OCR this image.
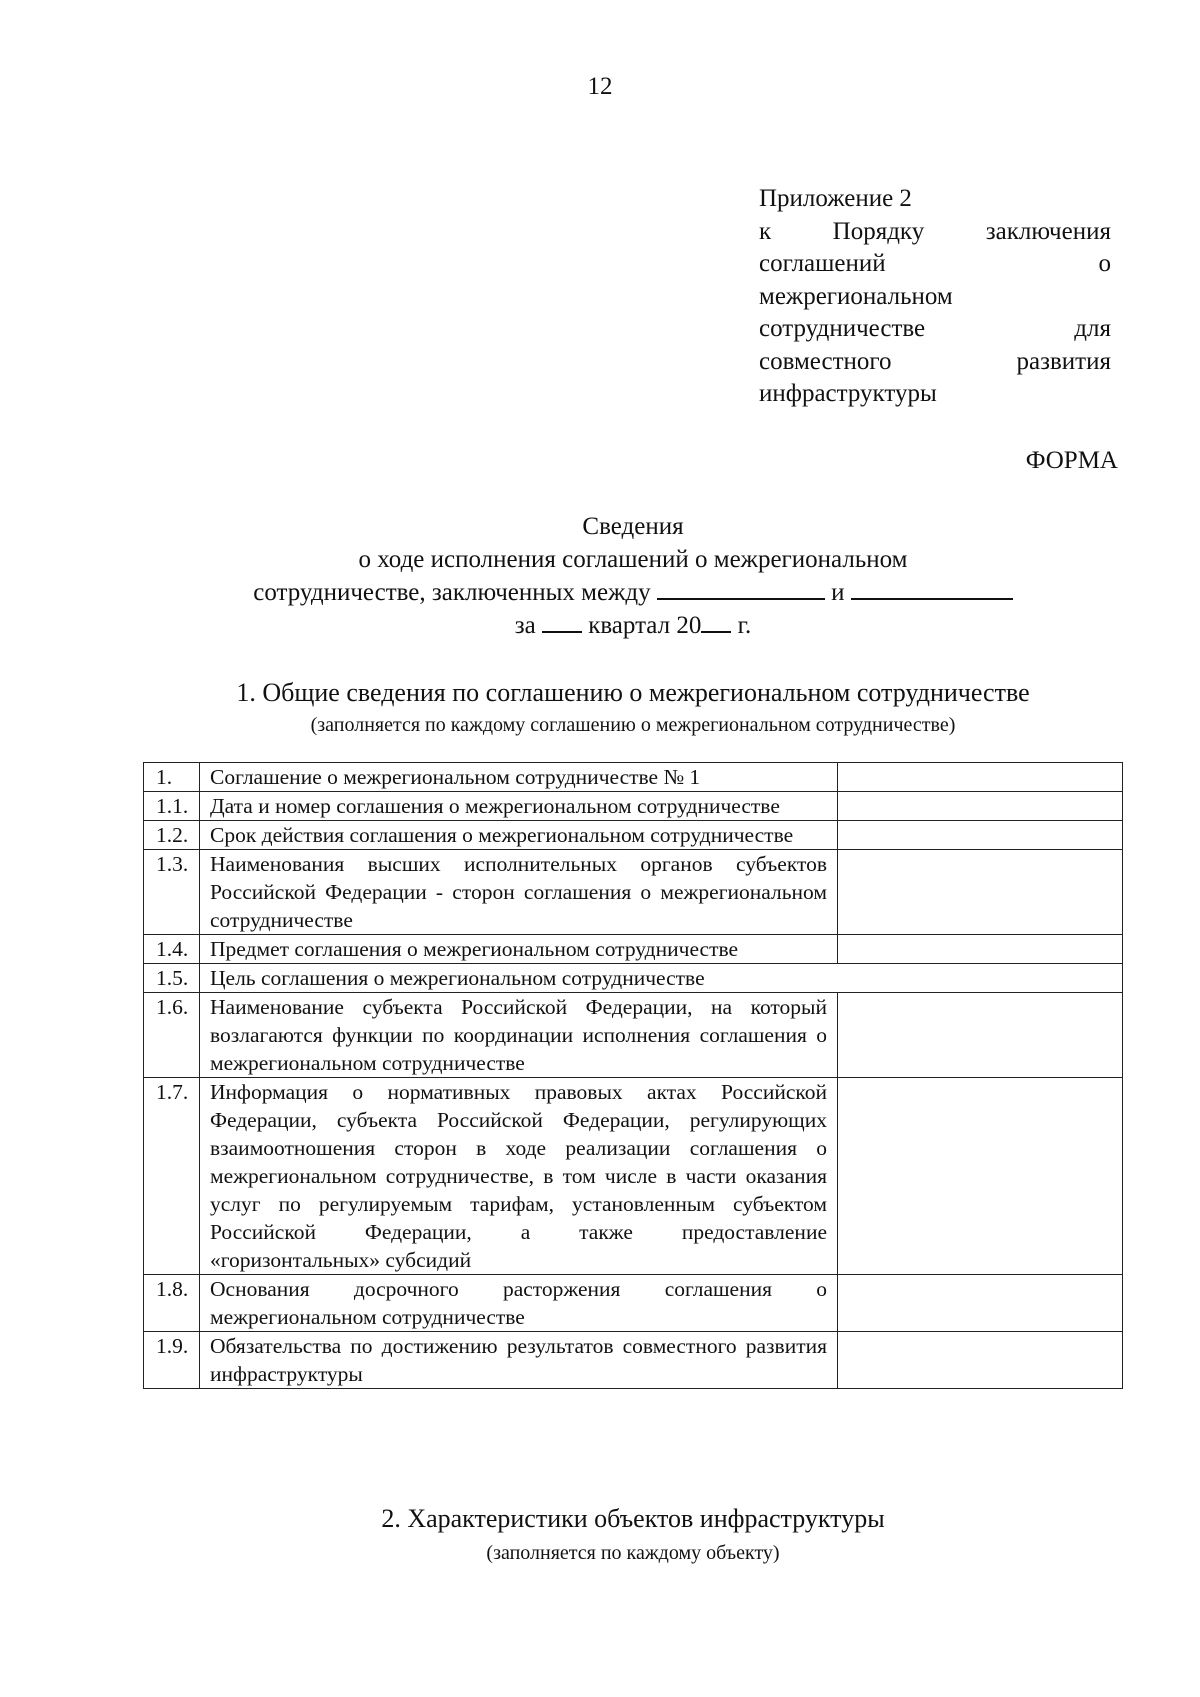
12
Приложение 2
к Порядку заключения
соглашений о
межрегиональном
сотрудничестве для
совместного развития
инфраструктуры
ФОРМА
Сведения
о ходе исполнения соглашений о межрегиональном
сотрудничестве, заключенных между	и
за квартал 20 г.
1. Общие сведения по соглашению о межрегиональном сотрудничестве
(заполняется по каждому соглашению о межрегиональном сотрудничестве)
1.	Соглашение о межрегиональном сотрудничестве № 1	
1.1.	Дата и номер соглашения о межрегиональном сотрудничестве	
1.2.	Срок действия соглашения о межрегиональном сотрудничестве	
1.3.	Наименования высших исполнительных органов субъектов Российской Федерации - сторон соглашения о межрегиональном сотрудничестве	
1.4.	Предмет соглашения о межрегиональном сотрудничестве	
1.5.	Цель соглашения о межрегиональном сотрудничестве	
1.6.	Наименование субъекта Российской Федерации, на который возлагаются функции по координации исполнения соглашения о межрегиональном сотрудничестве	
1.7.	Информация о нормативных правовых актах Российской Федерации, субъекта Российской Федерации, регулирующих взаимоотношения сторон в ходе реализации соглашения о межрегиональном сотрудничестве, в том числе в части оказания услуг по регулируемым тарифам, установленным субъектом Российской Федерации, а также предоставление «горизонтальных» субсидий	
1.8.	Основания досрочного расторжения соглашения о межрегиональном сотрудничестве	
1.9.	Обязательства по достижению результатов совместного развития инфраструктуры	
2. Характеристики объектов инфраструктуры
(заполняется по каждому объекту)
